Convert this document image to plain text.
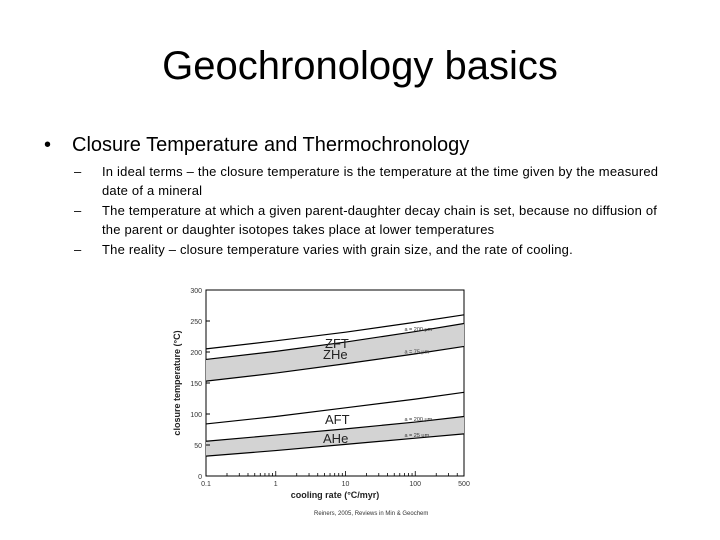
Geochronology basics
•	Closure Temperature and Thermochronology
–	In ideal terms – the closure temperature is the temperature at the time given by the measured date of a mineral
–	The temperature at which a given parent-daughter decay chain is set, because no diffusion of the parent or daughter isotopes takes place at lower temperatures
–	The reality – closure temperature varies with grain size, and the rate of cooling.
ZHe
a = 200 μm
a = 75 μm
AHe
a = 200 μm
a = 25 μm
ZFT
AFT
0
50
100
150
200
250
300
0.1	1	10	100	500
cooling rate (°C/myr)
closure temperature (°C)
Reiners, 2005, Reviews in Min & Geochem
